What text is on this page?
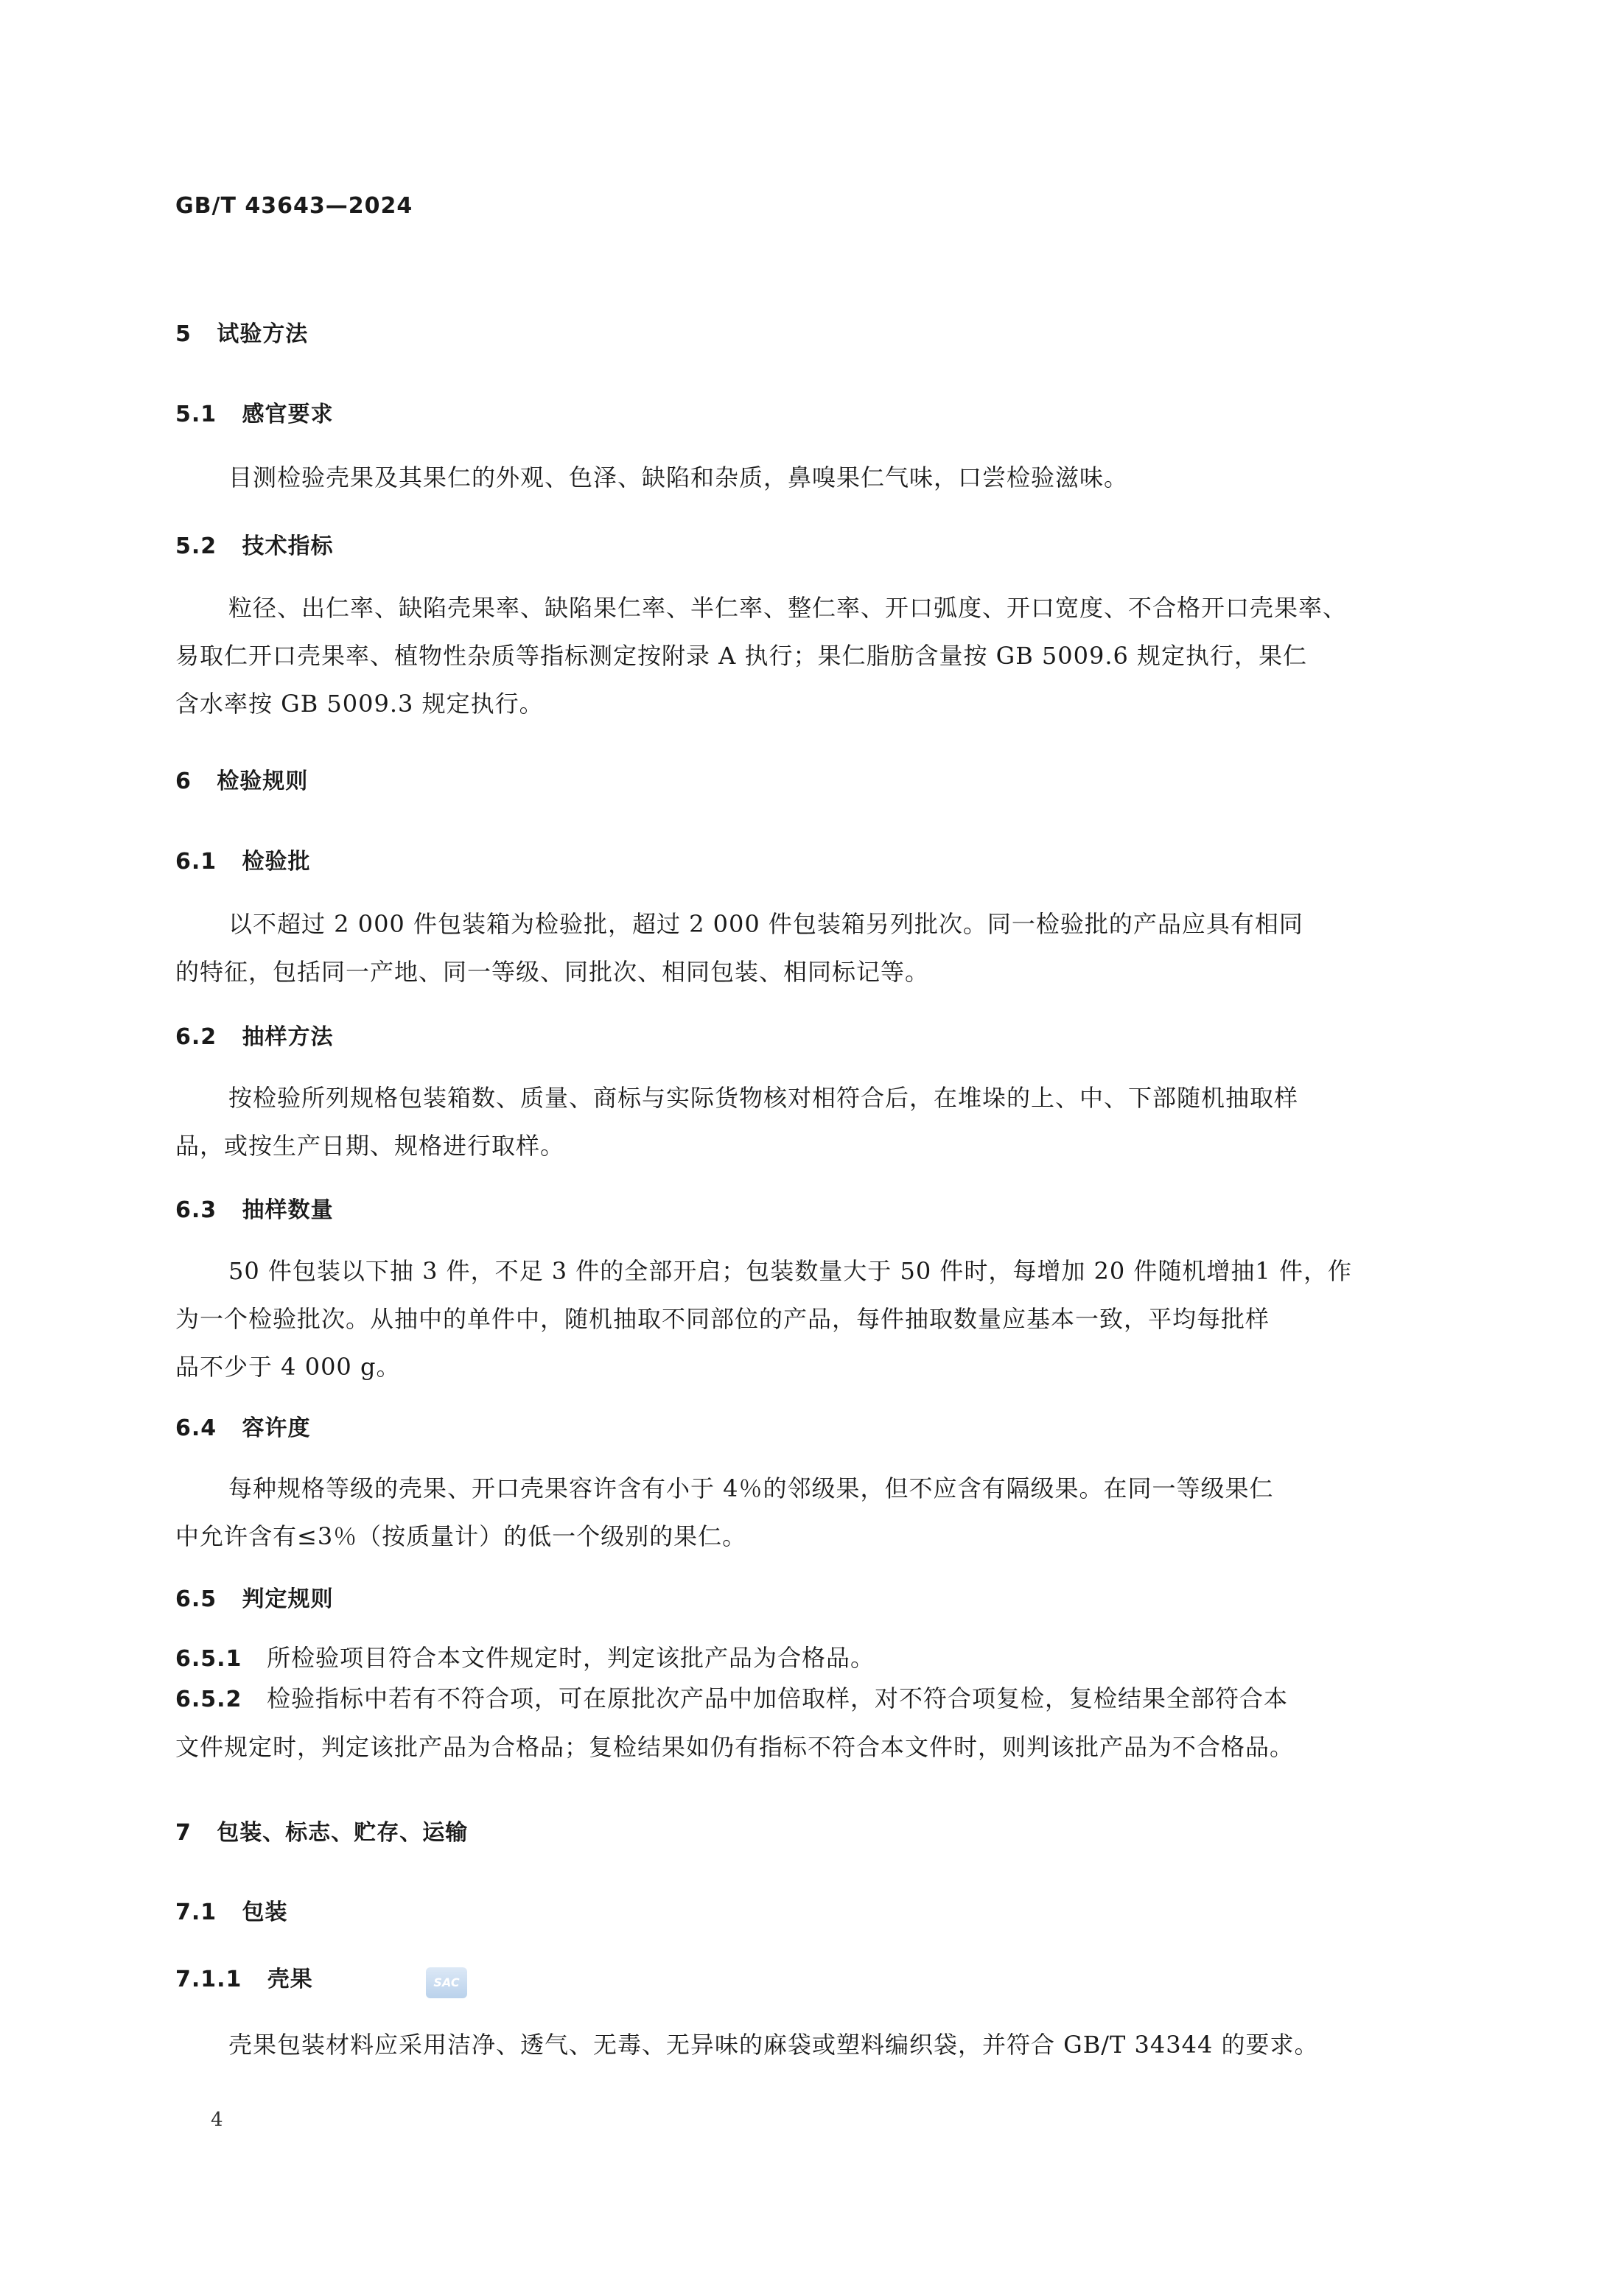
GB/T 43643—2024
5 试验方法
5.1 感官要求
目测检验壳果及其果仁的外观、色泽、缺陷和杂质，鼻嗅果仁气味，口尝检验滋味。
5.2 技术指标
粒径、出仁率、缺陷壳果率、缺陷果仁率、半仁率、整仁率、开口弧度、开口宽度、不合格开口壳果率、
易取仁开口壳果率、植物性杂质等指标测定按附录 A 执行；果仁脂肪含量按 GB 5009.6 规定执行，果仁
含水率按 GB 5009.3 规定执行。
6 检验规则
6.1 检验批
以不超过 2 000 件包装箱为检验批，超过 2 000 件包装箱另列批次。同一检验批的产品应具有相同
的特征，包括同一产地、同一等级、同批次、相同包装、相同标记等。
6.2 抽样方法
按检验所列规格包装箱数、质量、商标与实际货物核对相符合后，在堆垛的上、中、下部随机抽取样
品，或按生产日期、规格进行取样。
6.3 抽样数量
50 件包装以下抽 3 件，不足 3 件的全部开启；包装数量大于 50 件时，每增加 20 件随机增抽1 件，作
为一个检验批次。从抽中的单件中，随机抽取不同部位的产品，每件抽取数量应基本一致，平均每批样
品不少于 4 000 g。
6.4 容许度
每种规格等级的壳果、开口壳果容许含有小于 4％的邻级果，但不应含有隔级果。在同一等级果仁
中允许含有≤3％（按质量计）的低一个级别的果仁。
6.5 判定规则
6.5.1 所检验项目符合本文件规定时，判定该批产品为合格品。
6.5.2 检验指标中若有不符合项，可在原批次产品中加倍取样，对不符合项复检，复检结果全部符合本
文件规定时，判定该批产品为合格品；复检结果如仍有指标不符合本文件时，则判该批产品为不合格品。
7 包装、标志、贮存、运输
7.1 包装
7.1.1 壳果
壳果包装材料应采用洁净、透气、无毒、无异味的麻袋或塑料编织袋，并符合 GB/T 34344 的要求。
SAC
4
